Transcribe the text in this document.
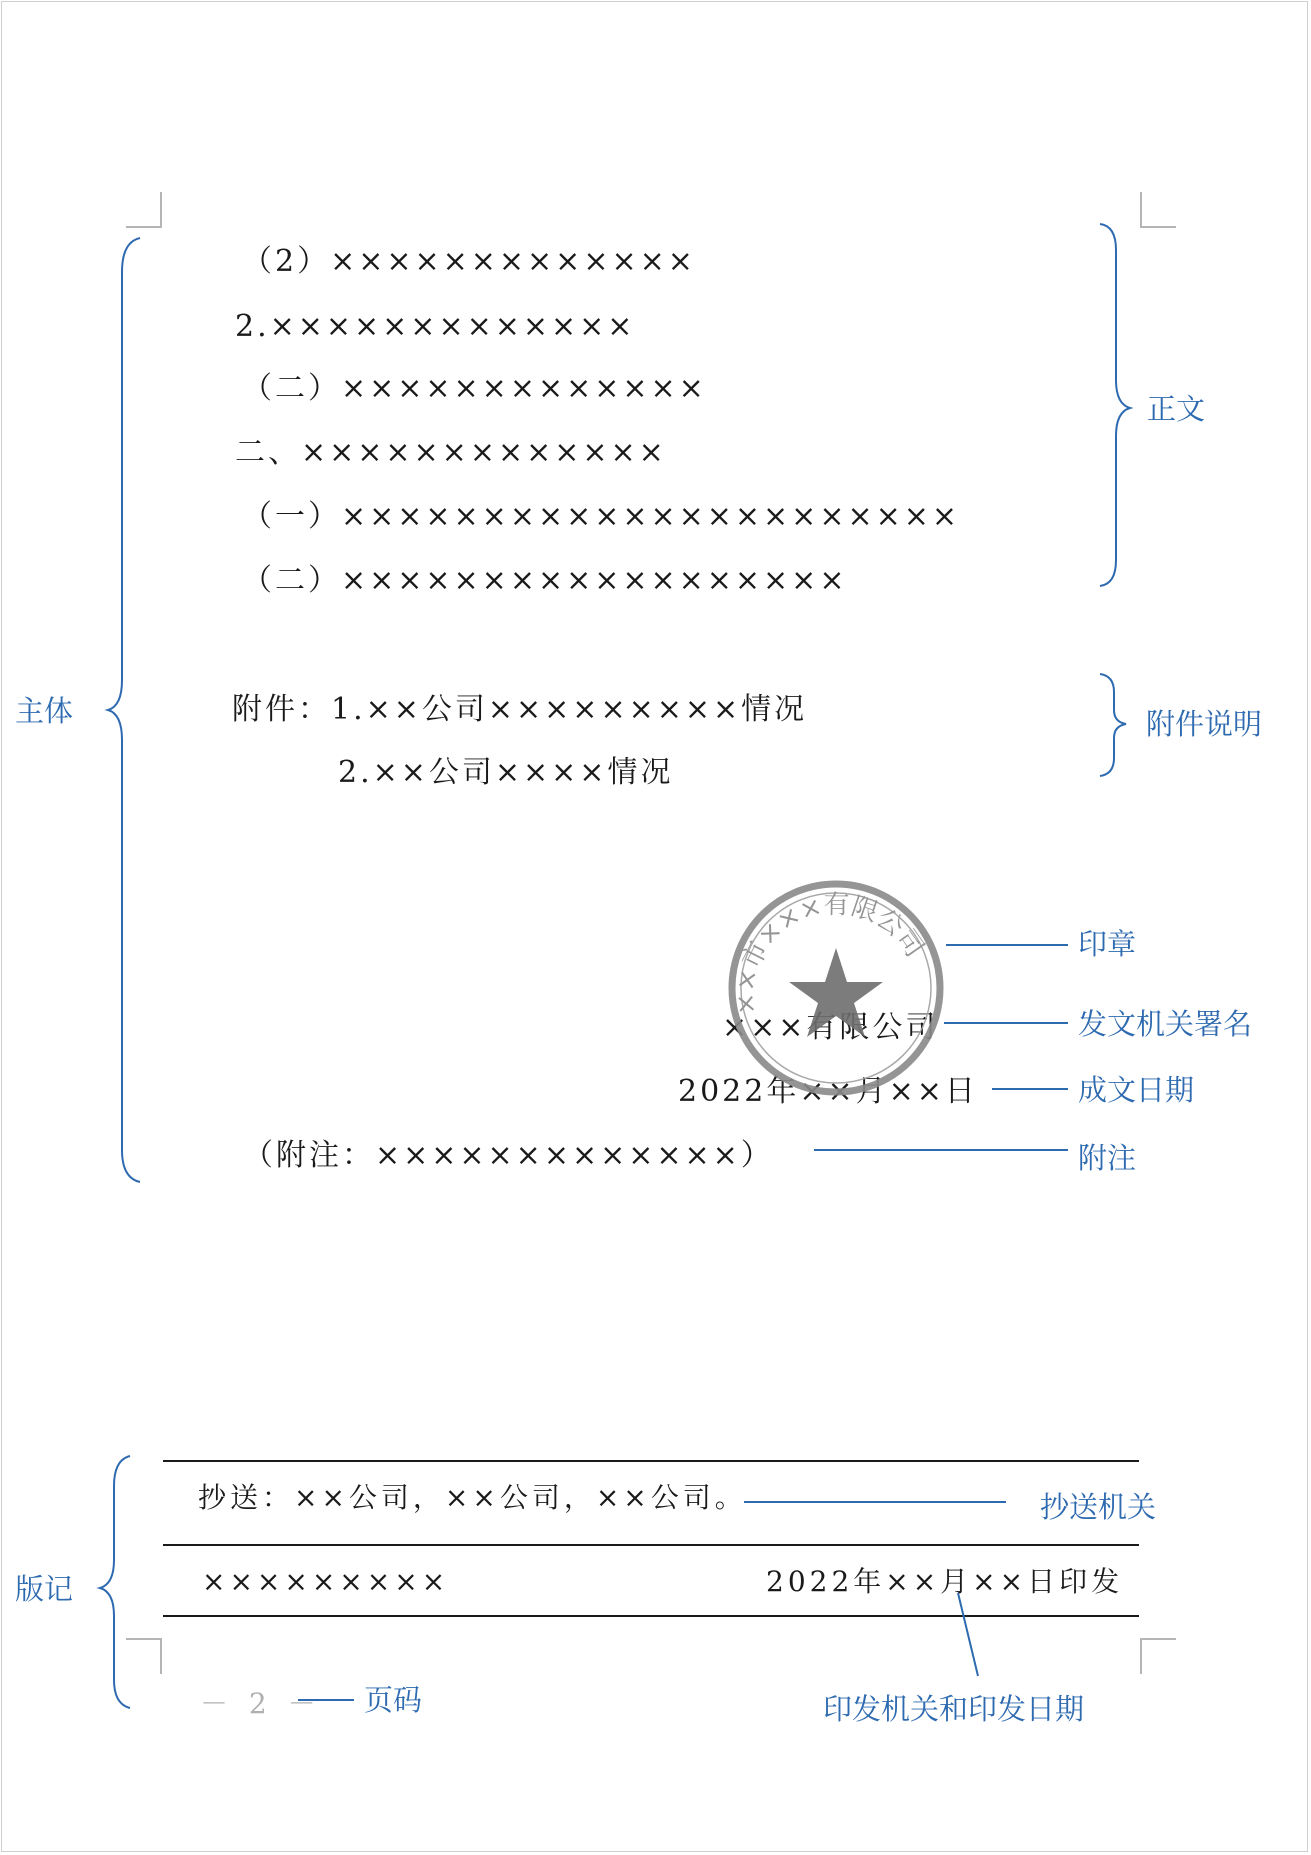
（2）×××××××××××××
2.×××××××××××××
（二）×××××××××××××
二、×××××××××××××
（一）××××××××××××××××××××××
（二）××××××××××××××××××
附件：1.××公司×××××××××情况
2.××公司××××情况
×××有限公司
2022年××月××日
（附注：×××××××××××××）
抄送：××公司，××公司，××公司。
×××××××××	2022年××月××日印发
－ 2 －
正文
附件说明
主体
印章
发文机关署名
成文日期
附注
版记
抄送机关
印发机关和印发日期
页码
××市×××有限公司
